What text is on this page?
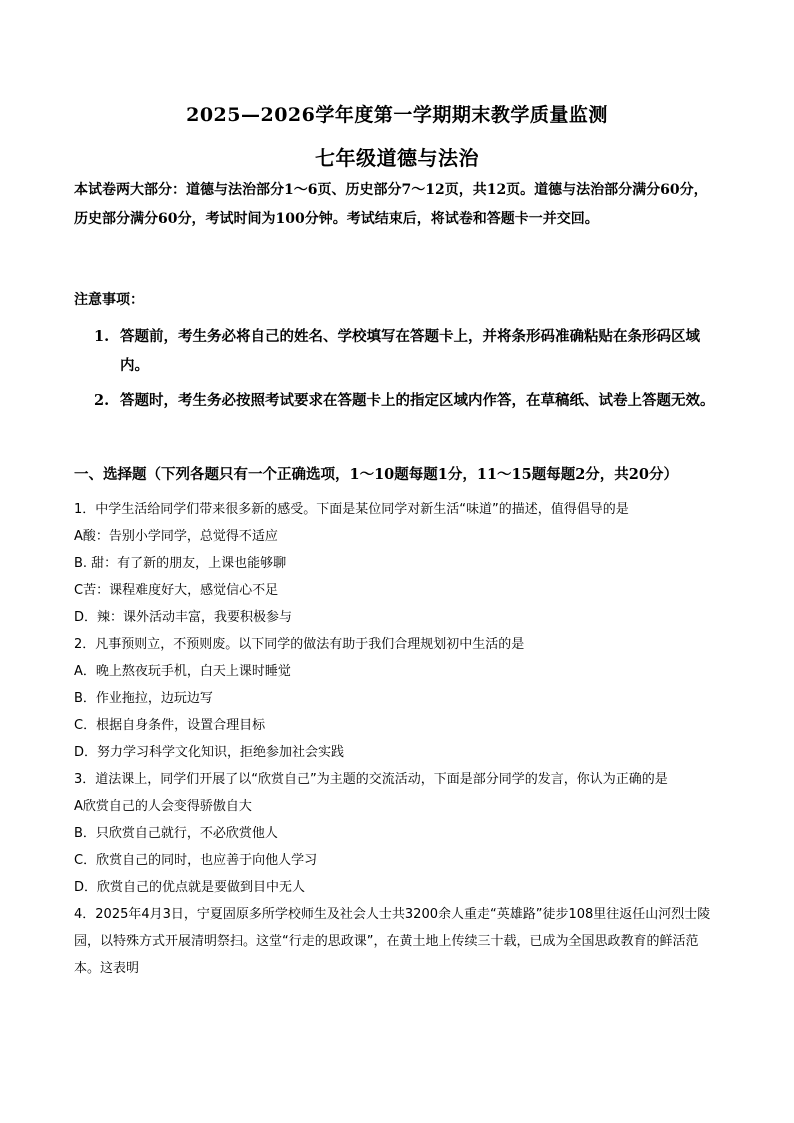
2025—2026学年度第一学期期末教学质量监测
七年级道德与法治
本试卷两大部分：道德与法治部分1～6页、历史部分7～12页，共12页。道德与法治部分满分60分，历史部分满分60分，考试时间为100分钟。考试结束后，将试卷和答题卡一并交回。
注意事项：
1. 答题前，考生务必将自己的姓名、学校填写在答题卡上，并将条形码准确粘贴在条形码区域内。
2. 答题时，考生务必按照考试要求在答题卡上的指定区域内作答，在草稿纸、试卷上答题无效。
一、选择题（下列各题只有一个正确选项，1～10题每题1分，11～15题每题2分，共20分）

1．中学生活给同学们带来很多新的感受。下面是某位同学对新生活“味道”的描述，值得倡导的是

A酸：告别小学同学，总觉得不适应

B. 甜：有了新的朋友，上课也能够聊

C苦：课程难度好大，感觉信心不足

D．辣：课外活动丰富，我要积极参与

2．凡事预则立，不预则废。以下同学的做法有助于我们合理规划初中生活的是

A．晚上熬夜玩手机，白天上课时睡觉

B．作业拖拉，边玩边写

C．根据自身条件，设置合理目标

D．努力学习科学文化知识，拒绝参加社会实践

3．道法课上，同学们开展了以“欣赏自己”为主题的交流活动，下面是部分同学的发言，你认为正确的是

A欣赏自己的人会变得骄傲自大

B．只欣赏自己就行，不必欣赏他人

C．欣赏自己的同时，也应善于向他人学习

D．欣赏自己的优点就是要做到目中无人

4．2025年4月3日，宁夏固原多所学校师生及社会人士共3200余人重走“英雄路”徒步108里往返任山河烈士陵园，以特殊方式开展清明祭扫。这堂“行走的思政课”，在黄土地上传续三十载，已成为全国思政教育的鲜活范本。这表明
